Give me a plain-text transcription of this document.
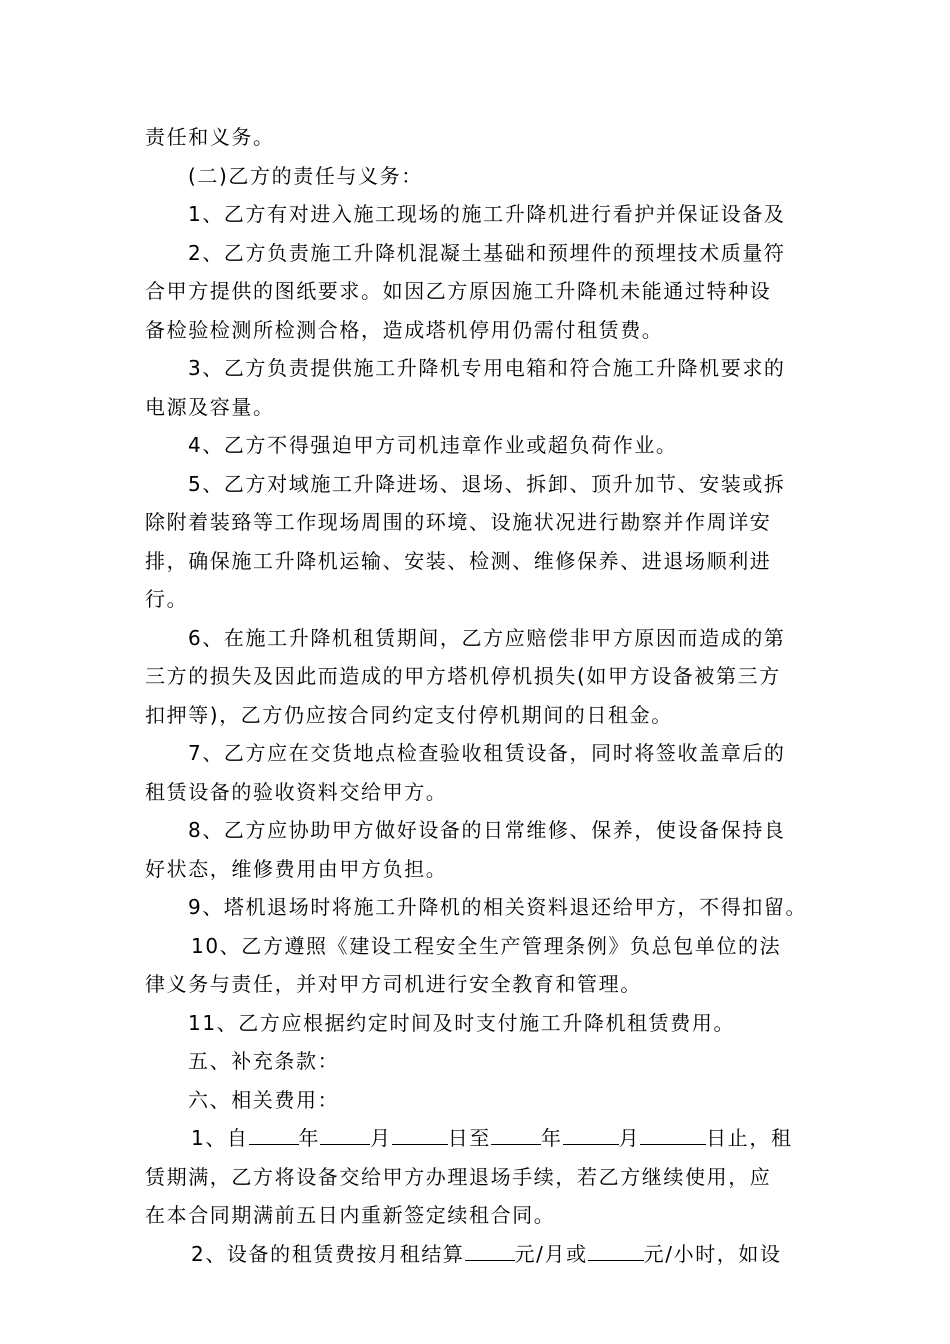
责任和义务。
(二)乙方的责任与义务：
1、乙方有对进入施工现场的施工升降机进行看护并保证设备及
2、乙方负责施工升降机混凝土基础和预埋件的预埋技术质量符
合甲方提供的图纸要求。如因乙方原因施工升降机未能通过特种设
备检验检测所检测合格，造成塔机停用仍需付租赁费。
3、乙方负责提供施工升降机专用电箱和符合施工升降机要求的
电源及容量。
4、乙方不得强迫甲方司机违章作业或超负荷作业。
5、乙方对域施工升降进场、退场、拆卸、顶升加节、安装或拆
除附着装臵等工作现场周围的环境、设施状况进行勘察并作周详安
排，确保施工升降机运输、安装、检测、维修保养、进退场顺利进
行。
6、在施工升降机租赁期间，乙方应赔偿非甲方原因而造成的第
三方的损失及因此而造成的甲方塔机停机损失(如甲方设备被第三方
扣押等)，乙方仍应按合同约定支付停机期间的日租金。
7、乙方应在交货地点检查验收租赁设备，同时将签收盖章后的
租赁设备的验收资料交给甲方。
8、乙方应协助甲方做好设备的日常维修、保养，使设备保持良
好状态，维修费用由甲方负担。
9、塔机退场时将施工升降机的相关资料退还给甲方，不得扣留。
10、乙方遵照《建设工程安全生产管理条例》负总包单位的法
律义务与责任，并对甲方司机进行安全教育和管理。
11、乙方应根据约定时间及时支付施工升降机租赁费用。
五、补充条款：
六、相关费用：
1、自	年	月	日至	年	月	日止，租
赁期满，乙方将设备交给甲方办理退场手续，若乙方继续使用，应
在本合同期满前五日内重新签定续租合同。
2、设备的租赁费按月租结算	元/月或	元/小时，如设
